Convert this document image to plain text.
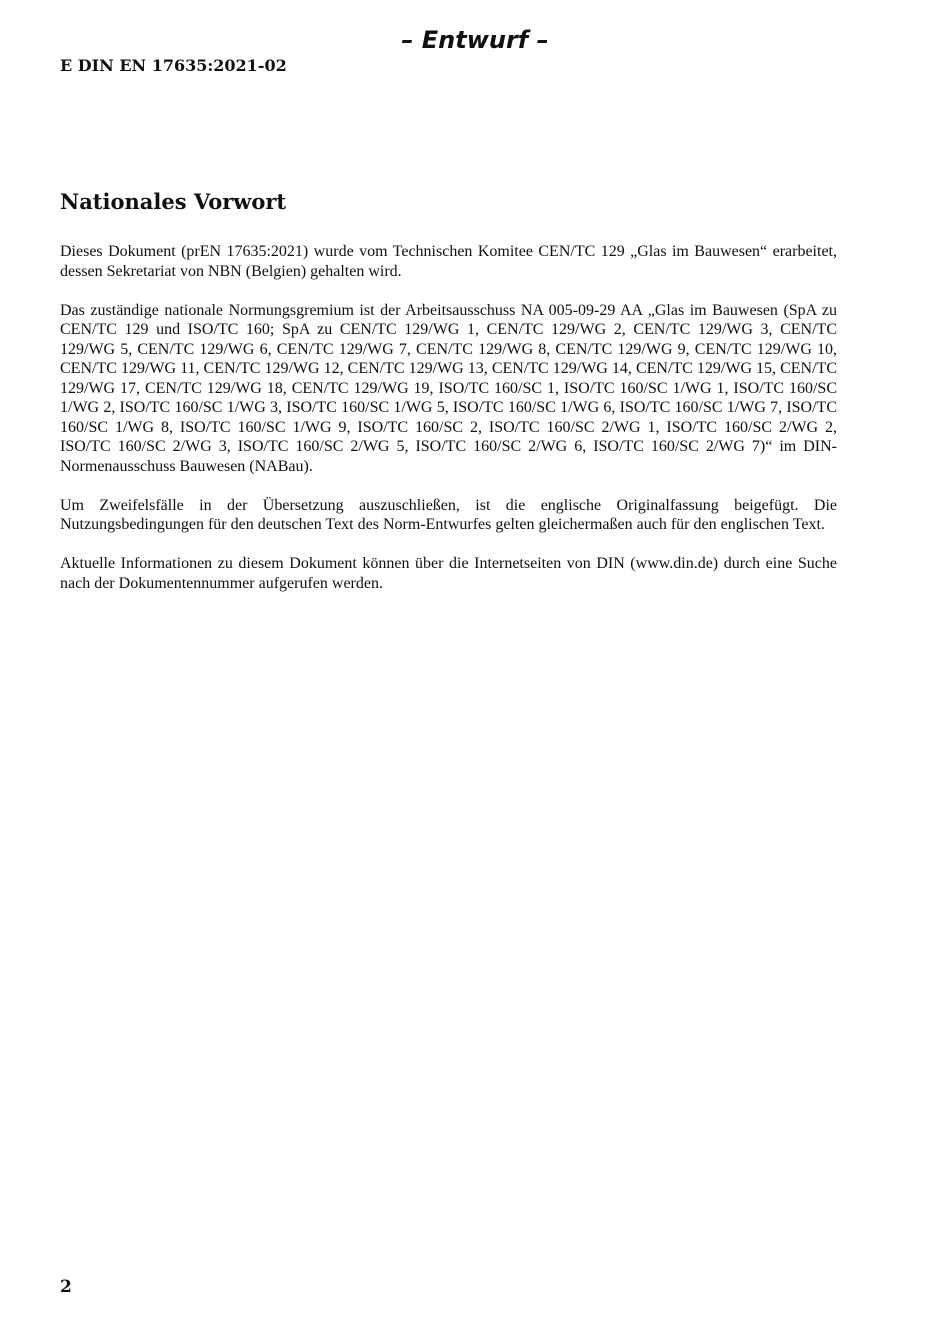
– Entwurf –
E DIN EN 17635:2021-02
Nationales Vorwort

Dieses Dokument (prEN 17635:2021) wurde vom Technischen Komitee CEN/TC 129 „Glas im Bauwesen“ erarbeitet, dessen Sekretariat von NBN (Belgien) gehalten wird.

Das zuständige nationale Normungsgremium ist der Arbeitsausschuss NA 005-09-29 AA „Glas im Bauwesen (SpA zu CEN/TC 129 und ISO/TC 160; SpA zu CEN/TC 129/WG 1, CEN/TC 129/WG 2, CEN/TC 129/WG 3, CEN/TC 129/WG 5, CEN/TC 129/WG 6, CEN/TC 129/WG 7, CEN/TC 129/WG 8, CEN/TC 129/WG 9, CEN/TC 129/WG 10, CEN/TC 129/WG 11, CEN/TC 129/WG 12, CEN/TC 129/WG 13, CEN/TC 129/WG 14, CEN/TC 129/WG 15, CEN/TC 129/WG 17, CEN/TC 129/WG 18, CEN/TC 129/WG 19, ISO/TC 160/SC 1, ISO/TC 160/SC 1/WG 1, ISO/TC 160/SC 1/WG 2, ISO/TC 160/SC 1/WG 3, ISO/TC 160/SC 1/WG 5, ISO/TC 160/SC 1/WG 6, ISO/TC 160/SC 1/WG 7, ISO/TC 160/SC 1/WG 8, ISO/TC 160/SC 1/WG 9, ISO/TC 160/SC 2, ISO/TC 160/SC 2/WG 1, ISO/TC 160/SC 2/WG 2, ISO/TC 160/SC 2/WG 3, ISO/TC 160/SC 2/WG 5, ISO/TC 160/SC 2/WG 6, ISO/TC 160/SC 2/WG 7)“ im DIN-Normenausschuss Bauwesen (NABau).

Um Zweifelsfälle in der Übersetzung auszuschließen, ist die englische Originalfassung beigefügt. Die Nutzungsbedingungen für den deutschen Text des Norm-Entwurfes gelten gleichermaßen auch für den englischen Text.

Aktuelle Informationen zu diesem Dokument können über die Internetseiten von DIN (www.din.de) durch eine Suche nach der Dokumentennummer aufgerufen werden.

2
